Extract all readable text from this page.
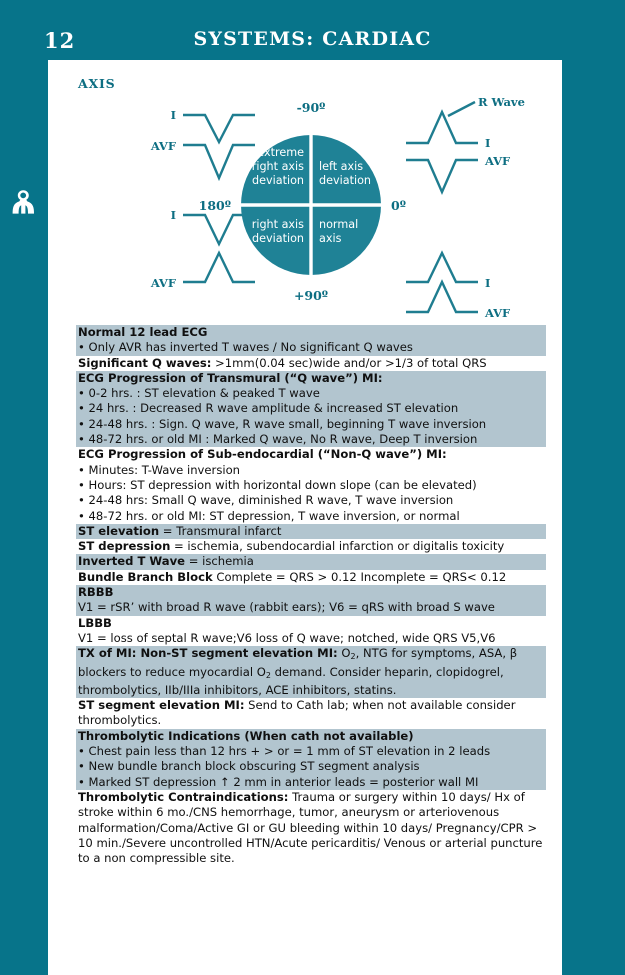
12	SYSTEMS: CARDIAC
AXIS
extreme
right axis
deviation
left axis
deviation
right axis
deviation
normal
axis
-90º
+90º
180º	0º
I
AVF
I
AVF
I
AVF
I
AVF
R Wave
Normal 12 lead ECG
• Only AVR has inverted T waves / No significant Q waves
Significant Q waves: >1mm(0.04 sec)wide and/or >1/3 of total QRS
ECG Progression of Transmural (“Q wave”) MI:
• 0-2 hrs. : ST elevation & peaked T wave
• 24 hrs. : Decreased R wave amplitude & increased ST elevation
• 24-48 hrs. : Sign. Q wave, R wave small, beginning T wave inversion
• 48-72 hrs. or old MI : Marked Q wave, No R wave, Deep T inversion
ECG Progression of Sub-endocardial (“Non-Q wave”) MI:
• Minutes: T-Wave inversion
• Hours: ST depression with horizontal down slope (can be elevated)
• 24-48 hrs: Small Q wave, diminished R wave, T wave inversion
• 48-72 hrs. or old MI: ST depression, T wave inversion, or normal
ST elevation = Transmural infarct
ST depression = ischemia, subendocardial infarction or digitalis toxicity
Inverted T Wave = ischemia
Bundle Branch Block Complete = QRS > 0.12 Incomplete = QRS< 0.12
RBBB
V1 = rSR’ with broad R wave (rabbit ears); V6 = qRS with broad S wave
LBBB
V1 = loss of septal R wave;V6 loss of Q wave; notched, wide QRS V5,V6
TX of MI: Non-ST segment elevation MI: $O_2$, NTG for symptoms, ASA, β blockers to reduce myocardial $O_2$ demand. Consider heparin, clopidogrel, thrombolytics, IIb/IIIa inhibitors, ACE inhibitors, statins.
ST segment elevation MI: Send to Cath lab; when not available consider thrombolytics.
Thrombolytic Indications (When cath not available)
• Chest pain less than 12 hrs + > or = 1 mm of ST elevation in 2 leads
• New bundle branch block obscuring ST segment analysis
• Marked ST depression ↑ 2 mm in anterior leads = posterior wall MI
Thrombolytic Contraindications: Trauma or surgery within 10 days/ Hx of stroke within 6 mo./CNS hemorrhage, tumor, aneurysm or arteriovenous malformation/Coma/Active GI or GU bleeding within 10 days/ Pregnancy/CPR > 10 min./Severe uncontrolled HTN/Acute pericarditis/ Venous or arterial puncture to a non compressible site.
